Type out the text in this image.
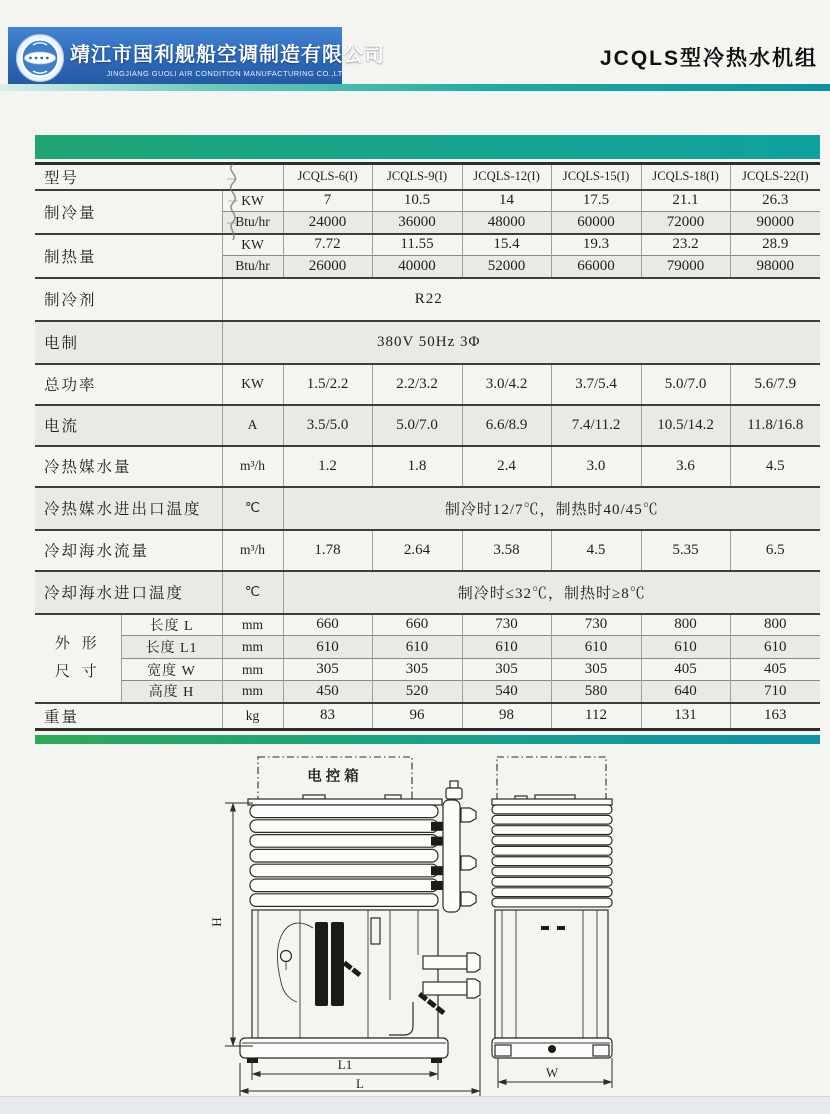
靖江市国利舰船空调制造有限公司
JINGJIANG GUOLI AIR CONDITION MANUFACTURING CO.,LTD
JCQLS型冷热水机组
型号			JCQLS-6(I)	JCQLS-9(I)	JCQLS-12(I)	JCQLS-15(I)	JCQLS-18(I)	JCQLS-22(I)
制冷量		KW	7	10.5	14	17.5	21.1	26.3
		Btu/hr	24000	36000	48000	60000	72000	90000
制热量		KW	7.72	11.55	15.4	19.3	23.2	28.9
		Btu/hr	26000	40000	52000	66000	79000	98000
制冷剂		R22						
电制		380V 50Hz 3Φ						
总功率		KW	1.5/2.2	2.2/3.2	3.0/4.2	3.7/5.4	5.0/7.0	5.6/7.9
电流		A	3.5/5.0	5.0/7.0	6.6/8.9	7.4/11.2	10.5/14.2	11.8/16.8
冷热媒水量		m³/h	1.2	1.8	2.4	3.0	3.6	4.5
冷热媒水进出口温度		℃	制冷时12/7℃，制热时40/45℃					
冷却海水流量		m³/h	1.78	2.64	3.58	4.5	5.35	6.5
冷却海水进口温度		℃	制冷时≤32℃，制热时≥8℃					
外 形
尺 寸	长度 L	mm	660	660	730	730	800	800
	长度 L1	mm	610	610	610	610	610	610
	宽度 W	mm	305	305	305	305	405	405
	高度 H	mm	450	520	540	580	640	710
重量		kg	83	96	98	112	131	163
电控箱
H
L1
L
W
